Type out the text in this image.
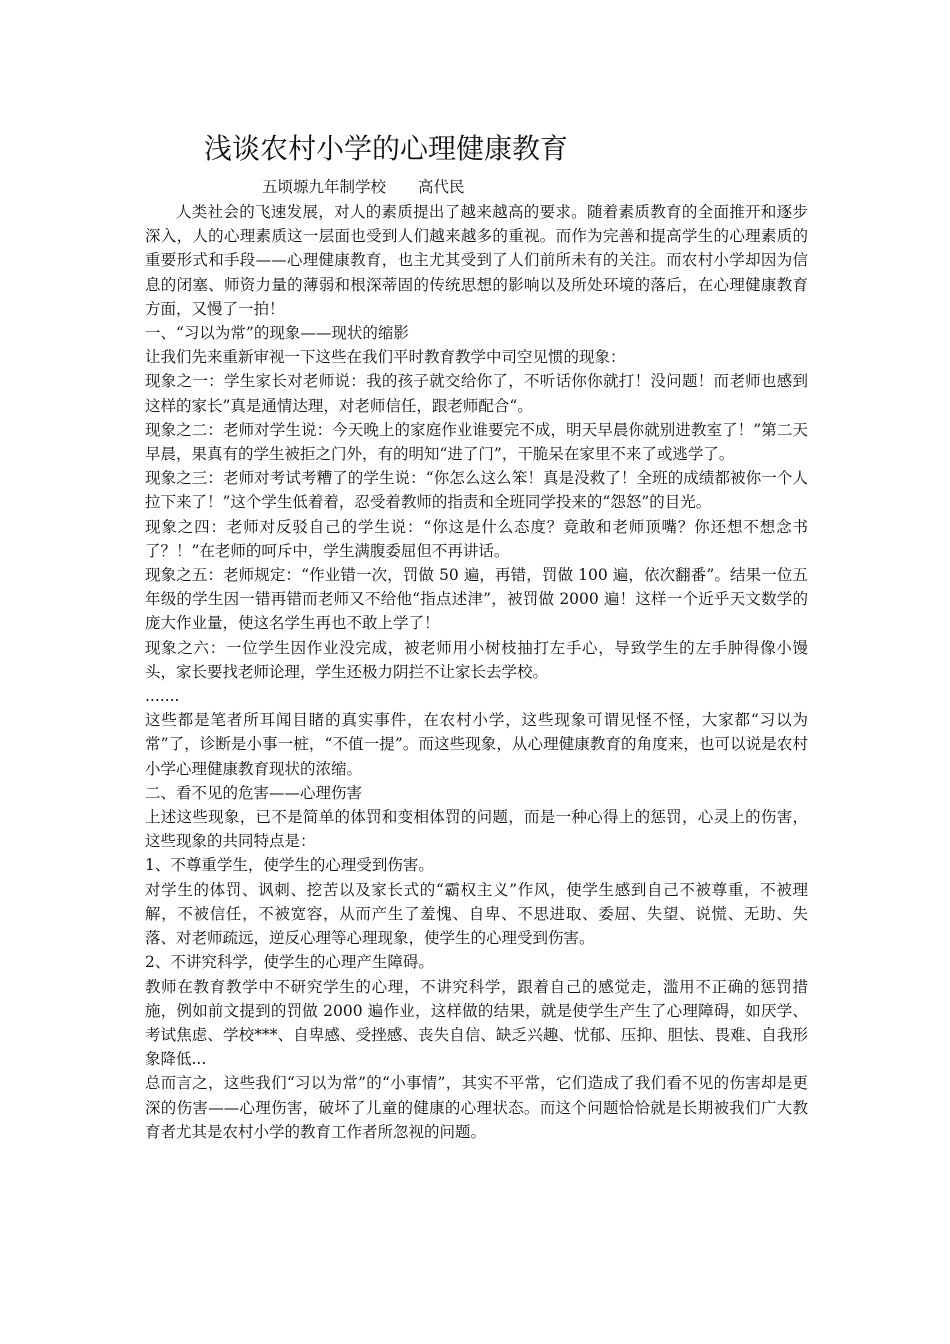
浅谈农村小学的心理健康教育
五顷塬九年制学校 高代民

人类社会的飞速发展，对人的素质提出了越来越高的要求。随着素质教育的全面推开和逐步深入，人的心理素质这一层面也受到人们越来越多的重视。而作为完善和提高学生的心理素质的重要形式和手段——心理健康教育，也主尤其受到了人们前所未有的关注。而农村小学却因为信息的闭塞、师资力量的薄弱和根深蒂固的传统思想的影响以及所处环境的落后，在心理健康教育方面，又慢了一拍！

一、“习以为常”的现象——现状的缩影

让我们先来重新审视一下这些在我们平时教育教学中司空见惯的现象：

现象之一：学生家长对老师说：我的孩子就交给你了，不听话你你就打！没问题！而老师也感到这样的家长”真是通情达理，对老师信任，跟老师配合“。

现象之二：老师对学生说：今天晚上的家庭作业谁要完不成，明天早晨你就别进教室了！”第二天早晨，果真有的学生被拒之门外，有的明知“进了门”，干脆呆在家里不来了或逃学了。

现象之三：老师对考试考糟了的学生说：“你怎么这么笨！真是没救了！全班的成绩都被你一个人拉下来了！”这个学生低着着，忍受着教师的指责和全班同学投来的“怨怒”的目光。

现象之四：老师对反驳自己的学生说：“你这是什么态度？竟敢和老师顶嘴？你还想不想念书了？！”在老师的呵斥中，学生满腹委屈但不再讲话。

现象之五：老师规定：“作业错一次，罚做 50 遍，再错，罚做 100 遍，依次翻番”。结果一位五年级的学生因一错再错而老师又不给他“指点述津”，被罚做 2000 遍！这样一个近乎天文数学的庞大作业量，使这名学生再也不敢上学了！

现象之六：一位学生因作业没完成，被老师用小树枝抽打左手心，导致学生的左手肿得像小馒头，家长要找老师论理，学生还极力阴拦不让家长去学校。

.......

这些都是笔者所耳闻目睹的真实事件，在农村小学，这些现象可谓见怪不怪，大家都“习以为常”了，诊断是小事一桩，“不值一提”。而这些现象，从心理健康教育的角度来，也可以说是农村小学心理健康教育现状的浓缩。

二、看不见的危害——心理伤害

上述这些现象，已不是简单的体罚和变相体罚的问题，而是一种心得上的惩罚，心灵上的伤害，这些现象的共同特点是：

1、不尊重学生，使学生的心理受到伤害。

对学生的体罚、讽刺、挖苦以及家长式的“霸权主义”作风，使学生感到自己不被尊重，不被理解，不被信任，不被宽容，从而产生了羞愧、自卑、不思进取、委屈、失望、说慌、无助、失落、对老师疏远，逆反心理等心理现象，使学生的心理受到伤害。

2、不讲究科学，使学生的心理产生障碍。

教师在教育教学中不研究学生的心理，不讲究科学，跟着自己的感觉走，滥用不正确的惩罚措施，例如前文提到的罚做 2000 遍作业，这样做的结果，就是使学生产生了心理障碍，如厌学、考试焦虑、学校***、自卑感、受挫感、丧失自信、缺乏兴趣、忧郁、压抑、胆怯、畏难、自我形象降低...

总而言之，这些我们“习以为常”的“小事情”，其实不平常，它们造成了我们看不见的伤害却是更深的伤害——心理伤害，破坏了儿童的健康的心理状态。而这个问题恰恰就是长期被我们广大教育者尤其是农村小学的教育工作者所忽视的问题。
